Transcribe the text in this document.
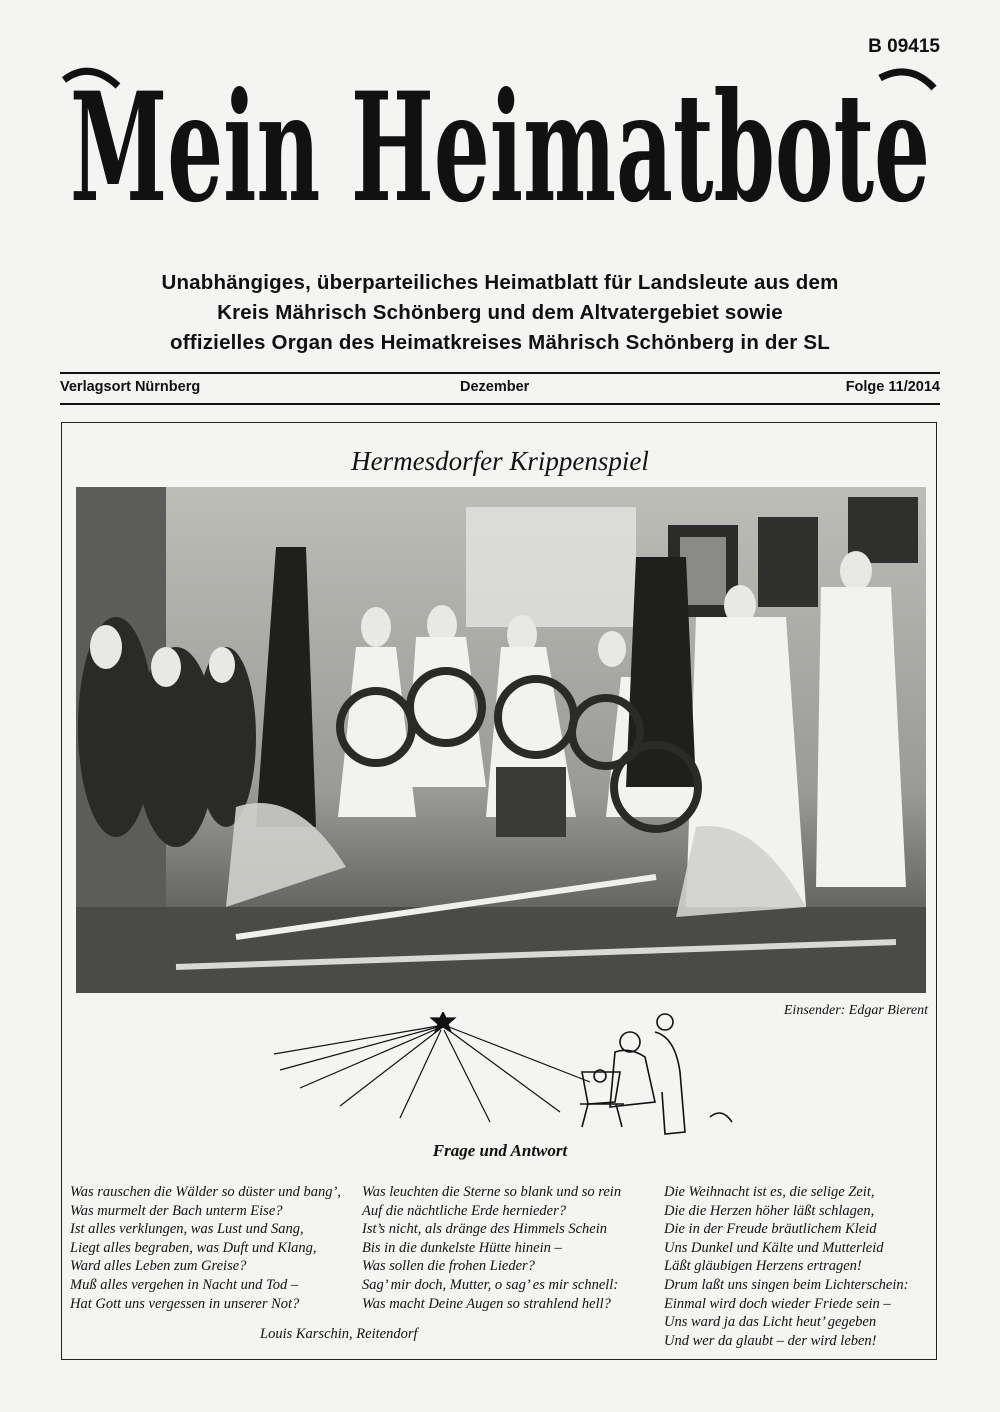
B 09415
Mein Heimatbote
Unabhängiges, überparteiliches Heimatblatt für Landsleute aus dem
Kreis Mährisch Schönberg und dem Altvatergebiet sowie
offizielles Organ des Heimatkreises Mährisch Schönberg in der SL
Verlagsort Nürnberg	Dezember	Folge 11/2014
Hermesdorfer Krippenspiel
Einsender: Edgar Bierent
Frage und Antwort
Was rauschen die Wälder so düster und bang’,
Was murmelt der Bach unterm Eise?
Ist alles verklungen, was Lust und Sang,
Liegt alles begraben, was Duft und Klang,
Ward alles Leben zum Greise?
Muß alles vergehen in Nacht und Tod –
Hat Gott uns vergessen in unserer Not?
Was leuchten die Sterne so blank und so rein
Auf die nächtliche Erde hernieder?
Ist’s nicht, als dränge des Himmels Schein
Bis in die dunkelste Hütte hinein –
Was sollen die frohen Lieder?
Sag’ mir doch, Mutter, o sag’ es mir schnell:
Was macht Deine Augen so strahlend hell?
Die Weihnacht ist es, die selige Zeit,
Die die Herzen höher läßt schlagen,
Die in der Freude bräutlichem Kleid
Uns Dunkel und Kälte und Mutterleid
Läßt gläubigen Herzens ertragen!
Drum laßt uns singen beim Lichterschein:
Einmal wird doch wieder Friede sein –
Uns ward ja das Licht heut’ gegeben
Und wer da glaubt – der wird leben!
Louis Karschin, Reitendorf
